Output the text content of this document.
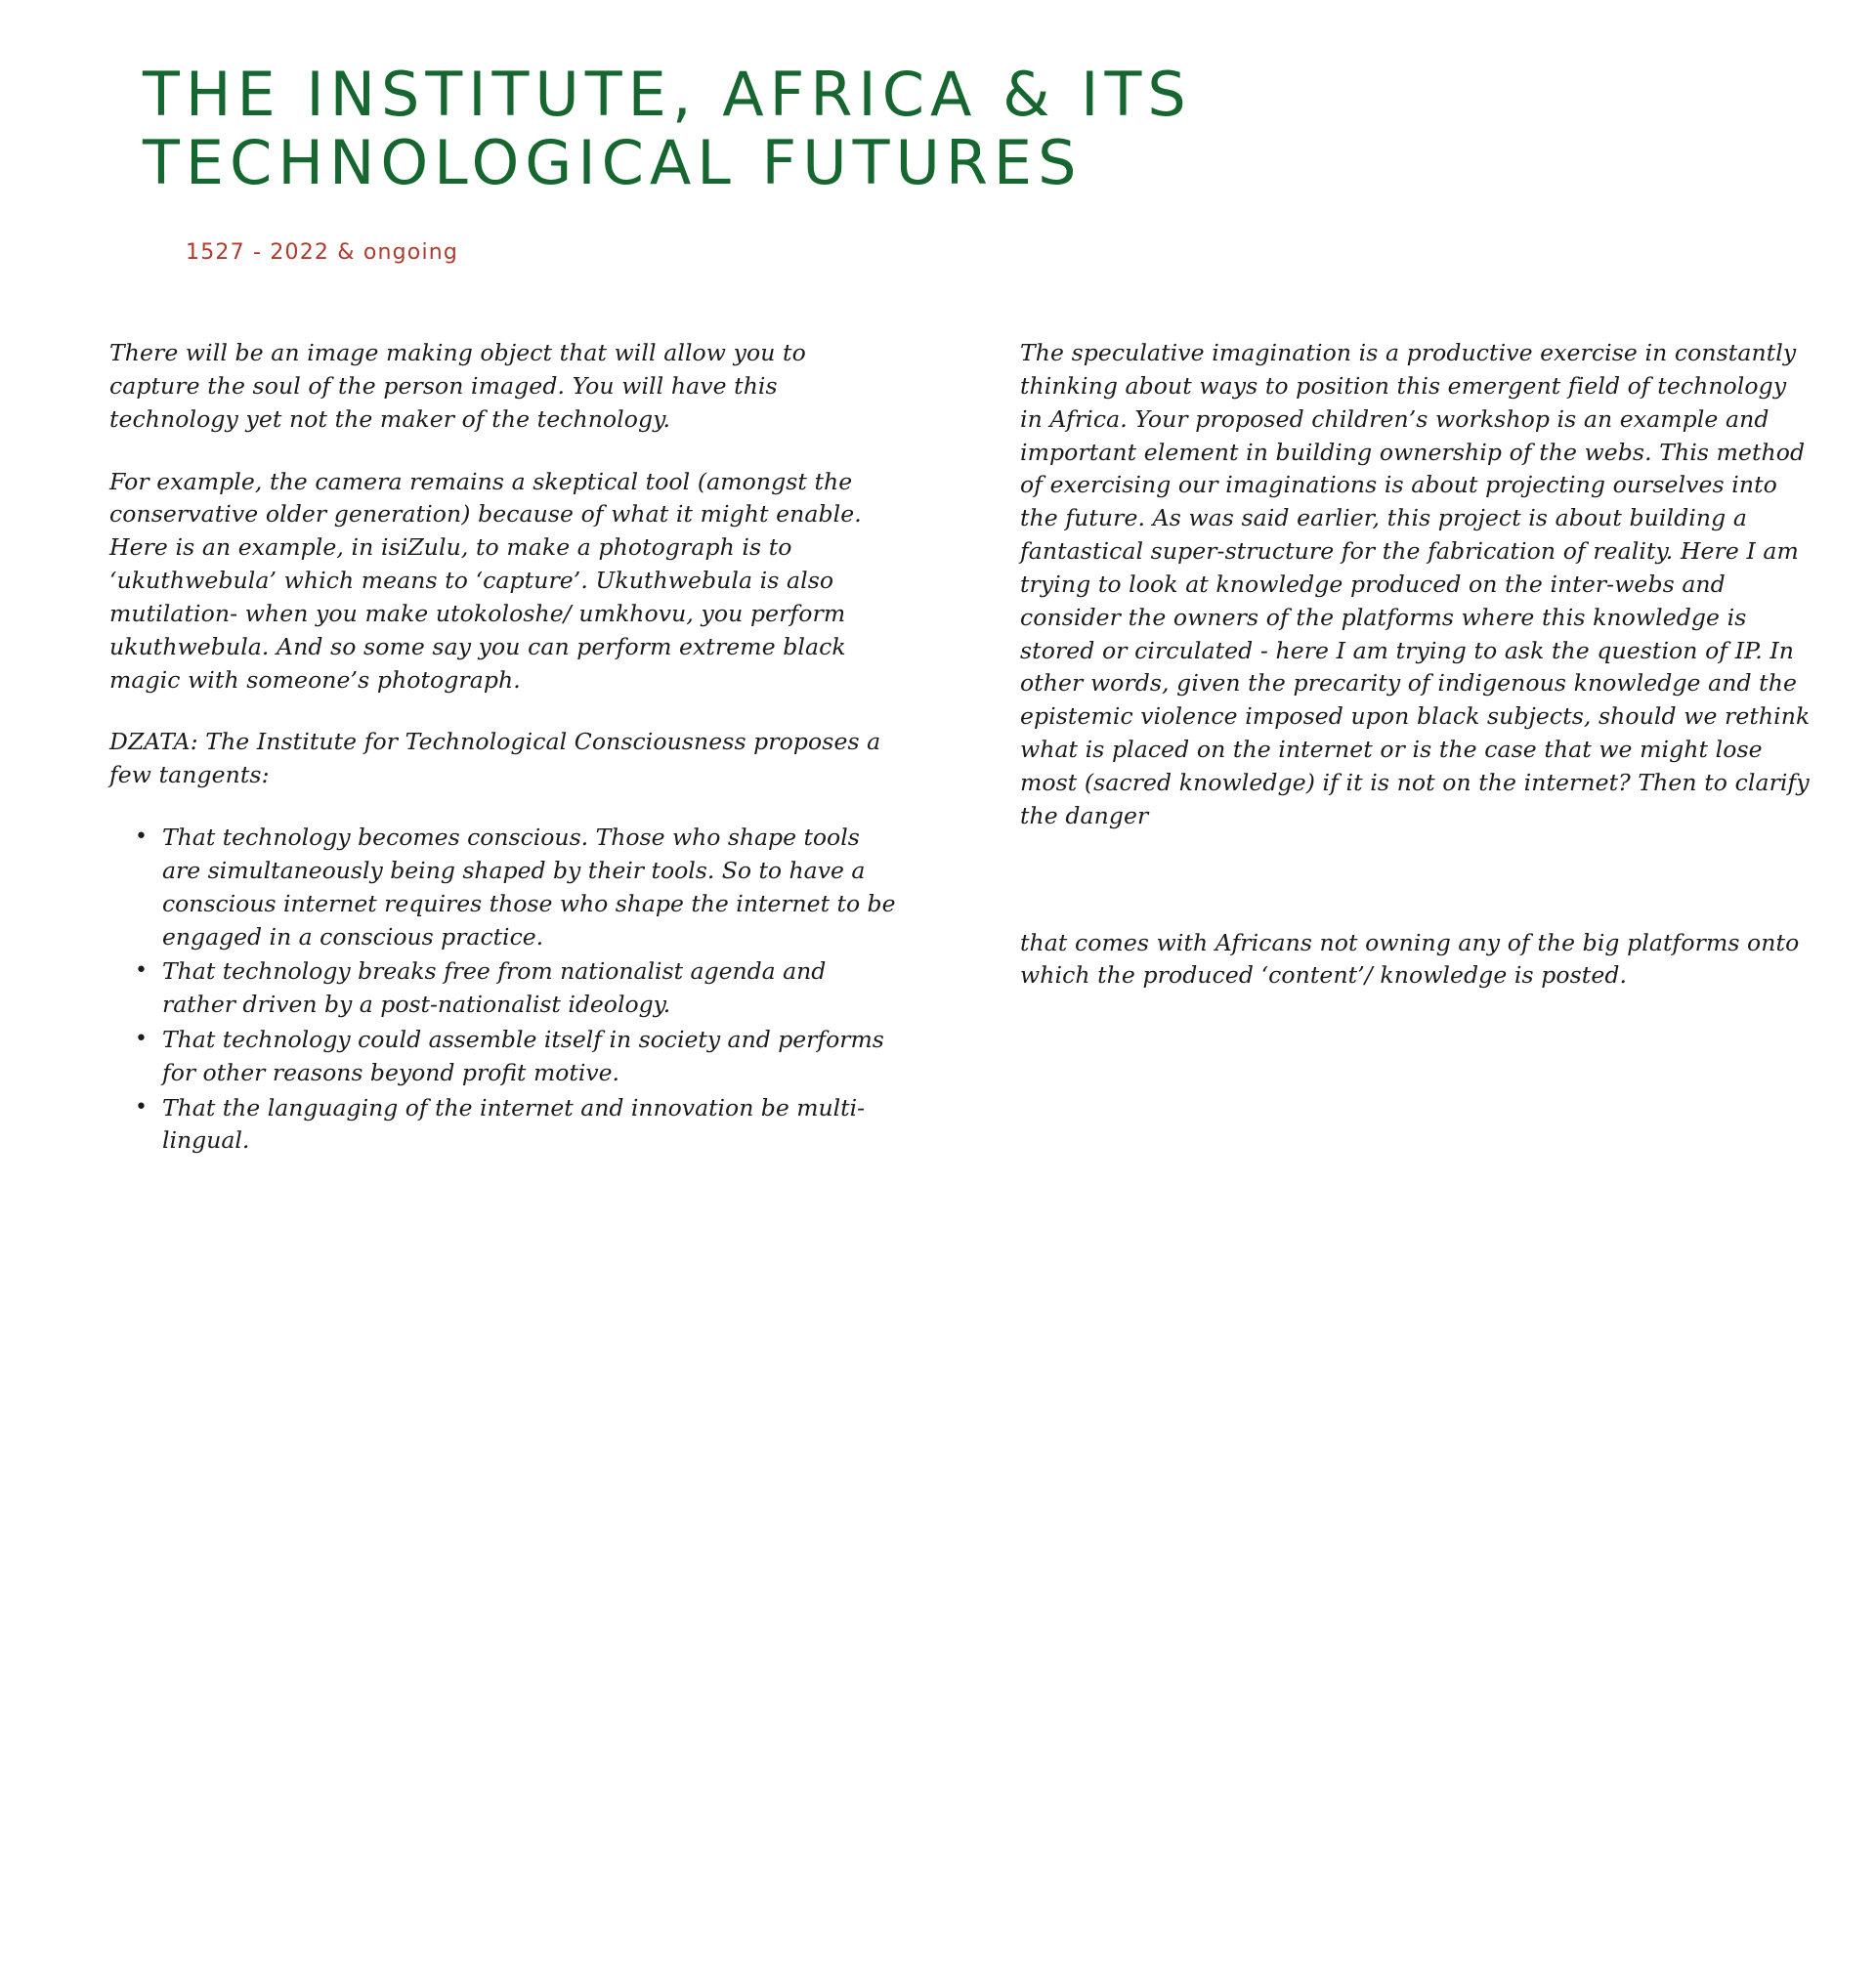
THE INSTITUTE, AFRICA & ITS TECHNOLOGICAL FUTURES
1527 - 2022 & ongoing

There will be an image making object that will allow you to capture the soul of the person imaged. You will have this technology yet not the maker of the technology.

For example, the camera remains a skeptical tool (amongst the conservative older generation) because of what it might enable. Here is an example, in isiZulu, to make a photograph is to ‘ukuthwebula’ which means to ‘capture’. Ukuthwebula is also mutilation- when you make utokoloshe/ umkhovu, you perform ukuthwebula. And so some say you can perform extreme black magic with someone’s photograph.

DZATA: The Institute for Technological Consciousness proposes a few tangents:

• That technology becomes conscious. Those who shape tools are simultaneously being shaped by their tools. So to have a conscious internet requires those who shape the internet to be engaged in a conscious practice.
• That technology breaks free from nationalist agenda and rather driven by a post-nationalist ideology.
• That technology could assemble itself in society and performs for other reasons beyond profit motive.
• That the languaging of the internet and innovation be multi-lingual.

The speculative imagination is a productive exercise in constantly thinking about ways to position this emergent field of technology in Africa. Your proposed children’s workshop is an example and important element in building ownership of the webs. This method of exercising our imaginations is about projecting ourselves into the future. As was said earlier, this project is about building a fantastical super-structure for the fabrication of reality. Here I am trying to look at knowledge produced on the inter-webs and consider the owners of the platforms where this knowledge is stored or circulated - here I am trying to ask the question of IP. In other words, given the precarity of indigenous knowledge and the epistemic violence imposed upon black subjects, should we rethink what is placed on the internet or is the case that we might lose most (sacred knowledge) if it is not on the internet? Then to clarify the danger

that comes with Africans not owning any of the big platforms onto which the produced ‘content’/ knowledge is posted.
